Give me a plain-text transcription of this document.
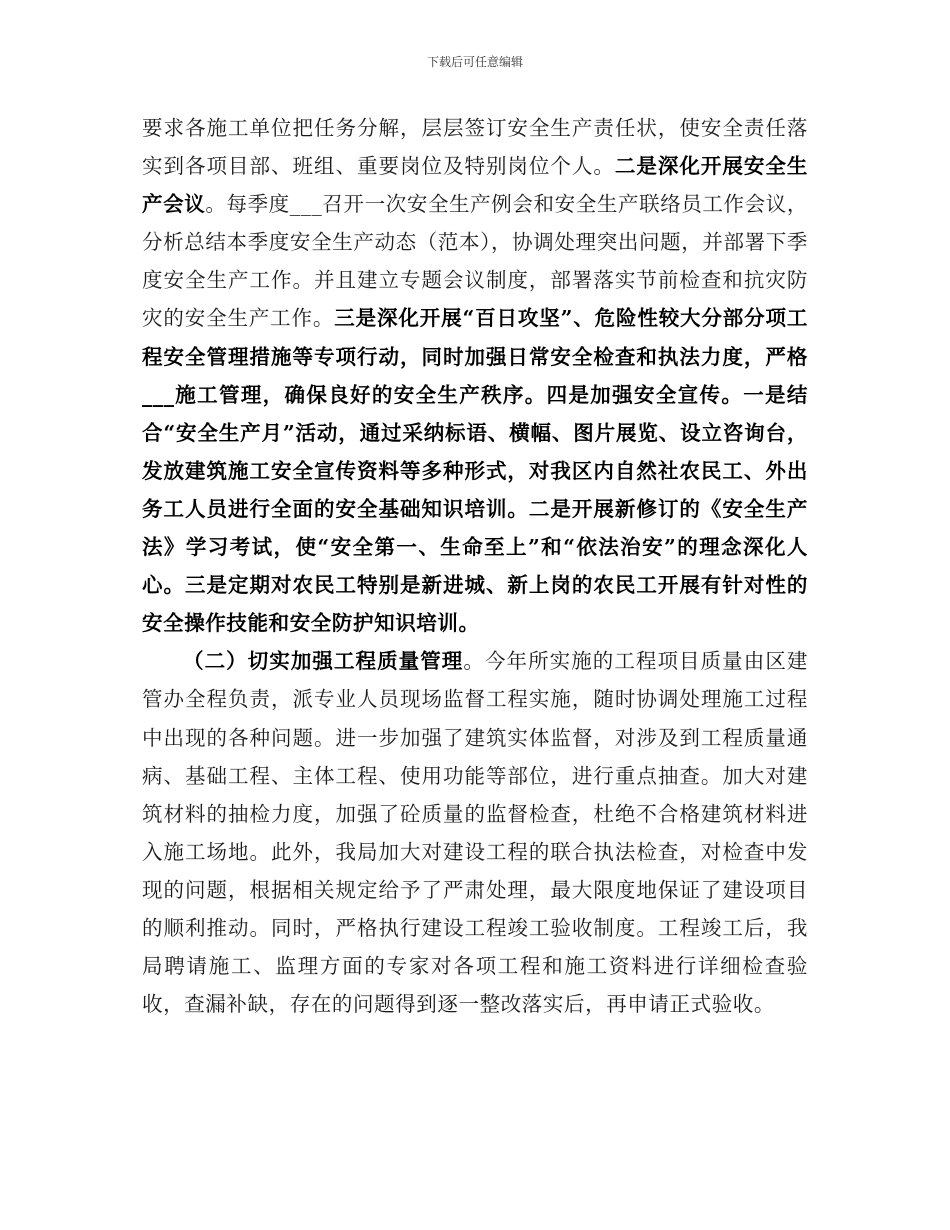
下载后可任意编辑

要求各施工单位把任务分解，层层签订安全生产责任状，使安全责任落实到各项目部、班组、重要岗位及特别岗位个人。二是深化开展安全生产会议。每季度___召开一次安全生产例会和安全生产联络员工作会议，分析总结本季度安全生产动态（范本），协调处理突出问题，并部署下季度安全生产工作。并且建立专题会议制度，部署落实节前检查和抗灾防灾的安全生产工作。三是深化开展“百日攻坚”、危险性较大分部分项工程安全管理措施等专项行动，同时加强日常安全检查和执法力度，严格___施工管理，确保良好的安全生产秩序。四是加强安全宣传。一是结合“安全生产月”活动，通过采纳标语、横幅、图片展览、设立咨询台，发放建筑施工安全宣传资料等多种形式，对我区内自然社农民工、外出务工人员进行全面的安全基础知识培训。二是开展新修订的《安全生产法》学习考试，使“安全第一、生命至上”和“依法治安”的理念深化人心。三是定期对农民工特别是新进城、新上岗的农民工开展有针对性的安全操作技能和安全防护知识培训。

（二）切实加强工程质量管理。今年所实施的工程项目质量由区建管办全程负责，派专业人员现场监督工程实施，随时协调处理施工过程中出现的各种问题。进一步加强了建筑实体监督，对涉及到工程质量通病、基础工程、主体工程、使用功能等部位，进行重点抽查。加大对建筑材料的抽检力度，加强了砼质量的监督检查，杜绝不合格建筑材料进入施工场地。此外，我局加大对建设工程的联合执法检查，对检查中发现的问题，根据相关规定给予了严肃处理，最大限度地保证了建设项目的顺利推动。同时，严格执行建设工程竣工验收制度。工程竣工后，我局聘请施工、监理方面的专家对各项工程和施工资料进行详细检查验收，查漏补缺，存在的问题得到逐一整改落实后，再申请正式验收。
